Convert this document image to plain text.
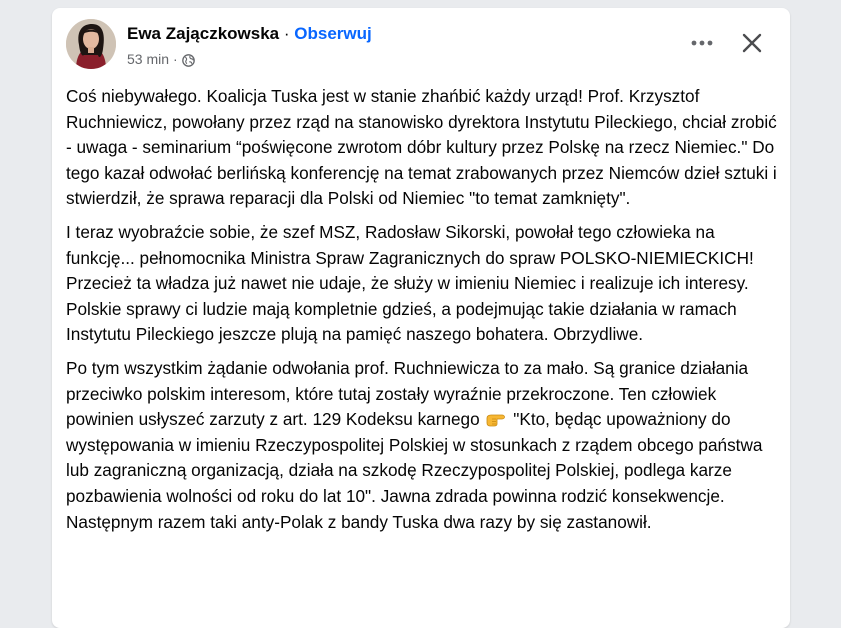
Ewa Zajączkowska · Obserwuj
53 min ·

Coś niebywałego. Koalicja Tuska jest w stanie zhańbić każdy urząd! Prof. Krzysztof Ruchniewicz, powołany przez rząd na stanowisko dyrektora Instytutu Pileckiego, chciał zrobić - uwaga - seminarium “poświęcone zwrotom dóbr kultury przez Polskę na rzecz Niemiec." Do tego kazał odwołać berlińską konferencję na temat zrabowanych przez Niemców dzieł sztuki i stwierdził, że sprawa reparacji dla Polski od Niemiec "to temat zamknięty".

I teraz wyobraźcie sobie, że szef MSZ, Radosław Sikorski, powołał tego człowieka na funkcję... pełnomocnika Ministra Spraw Zagranicznych do spraw POLSKO-NIEMIECKICH! Przecież ta władza już nawet nie udaje, że służy w imieniu Niemiec i realizuje ich interesy. Polskie sprawy ci ludzie mają kompletnie gdzieś, a podejmując takie działania w ramach Instytutu Pileckiego jeszcze plują na pamięć naszego bohatera. Obrzydliwe.

Po tym wszystkim żądanie odwołania prof. Ruchniewicza to za mało. Są granice działania przeciwko polskim interesom, które tutaj zostały wyraźnie przekroczone. Ten człowiek powinien usłyszeć zarzuty z art. 129 Kodeksu karnego "Kto, będąc upoważniony do występowania w imieniu Rzeczypospolitej Polskiej w stosunkach z rządem obcego państwa lub zagraniczną organizacją, działa na szkodę Rzeczypospolitej Polskiej, podlega karze pozbawienia wolności od roku do lat 10". Jawna zdrada powinna rodzić konsekwencje. Następnym razem taki anty-Polak z bandy Tuska dwa razy by się zastanowił.
